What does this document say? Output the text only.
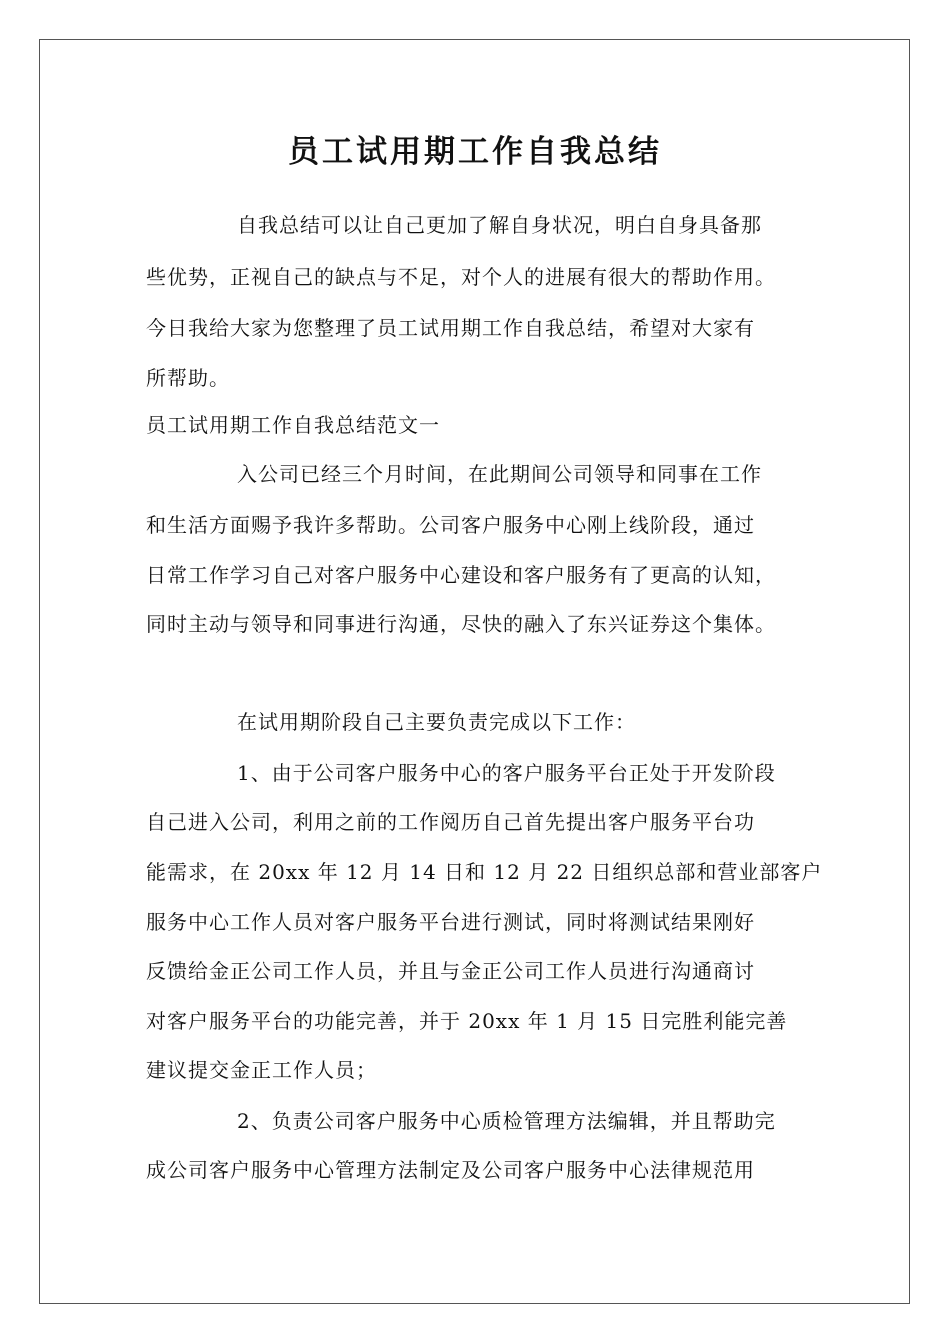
员工试用期工作自我总结
自我总结可以让自己更加了解自身状况，明白自身具备那
些优势，正视自己的缺点与不足，对个人的进展有很大的帮助作用。
今日我给大家为您整理了员工试用期工作自我总结，希望对大家有
所帮助。
员工试用期工作自我总结范文一
入公司已经三个月时间，在此期间公司领导和同事在工作
和生活方面赐予我许多帮助。公司客户服务中心刚上线阶段，通过
日常工作学习自己对客户服务中心建设和客户服务有了更高的认知，
同时主动与领导和同事进行沟通，尽快的融入了东兴证券这个集体。
在试用期阶段自己主要负责完成以下工作：
1、由于公司客户服务中心的客户服务平台正处于开发阶段
自己进入公司，利用之前的工作阅历自己首先提出客户服务平台功
能需求，在 20xx 年 12 月 14 日和 12 月 22 日组织总部和营业部客户
服务中心工作人员对客户服务平台进行测试，同时将测试结果刚好
反馈给金正公司工作人员，并且与金正公司工作人员进行沟通商讨
对客户服务平台的功能完善，并于 20xx 年 1 月 15 日完胜利能完善
建议提交金正工作人员；
2、负责公司客户服务中心质检管理方法编辑，并且帮助完
成公司客户服务中心管理方法制定及公司客户服务中心法律规范用
